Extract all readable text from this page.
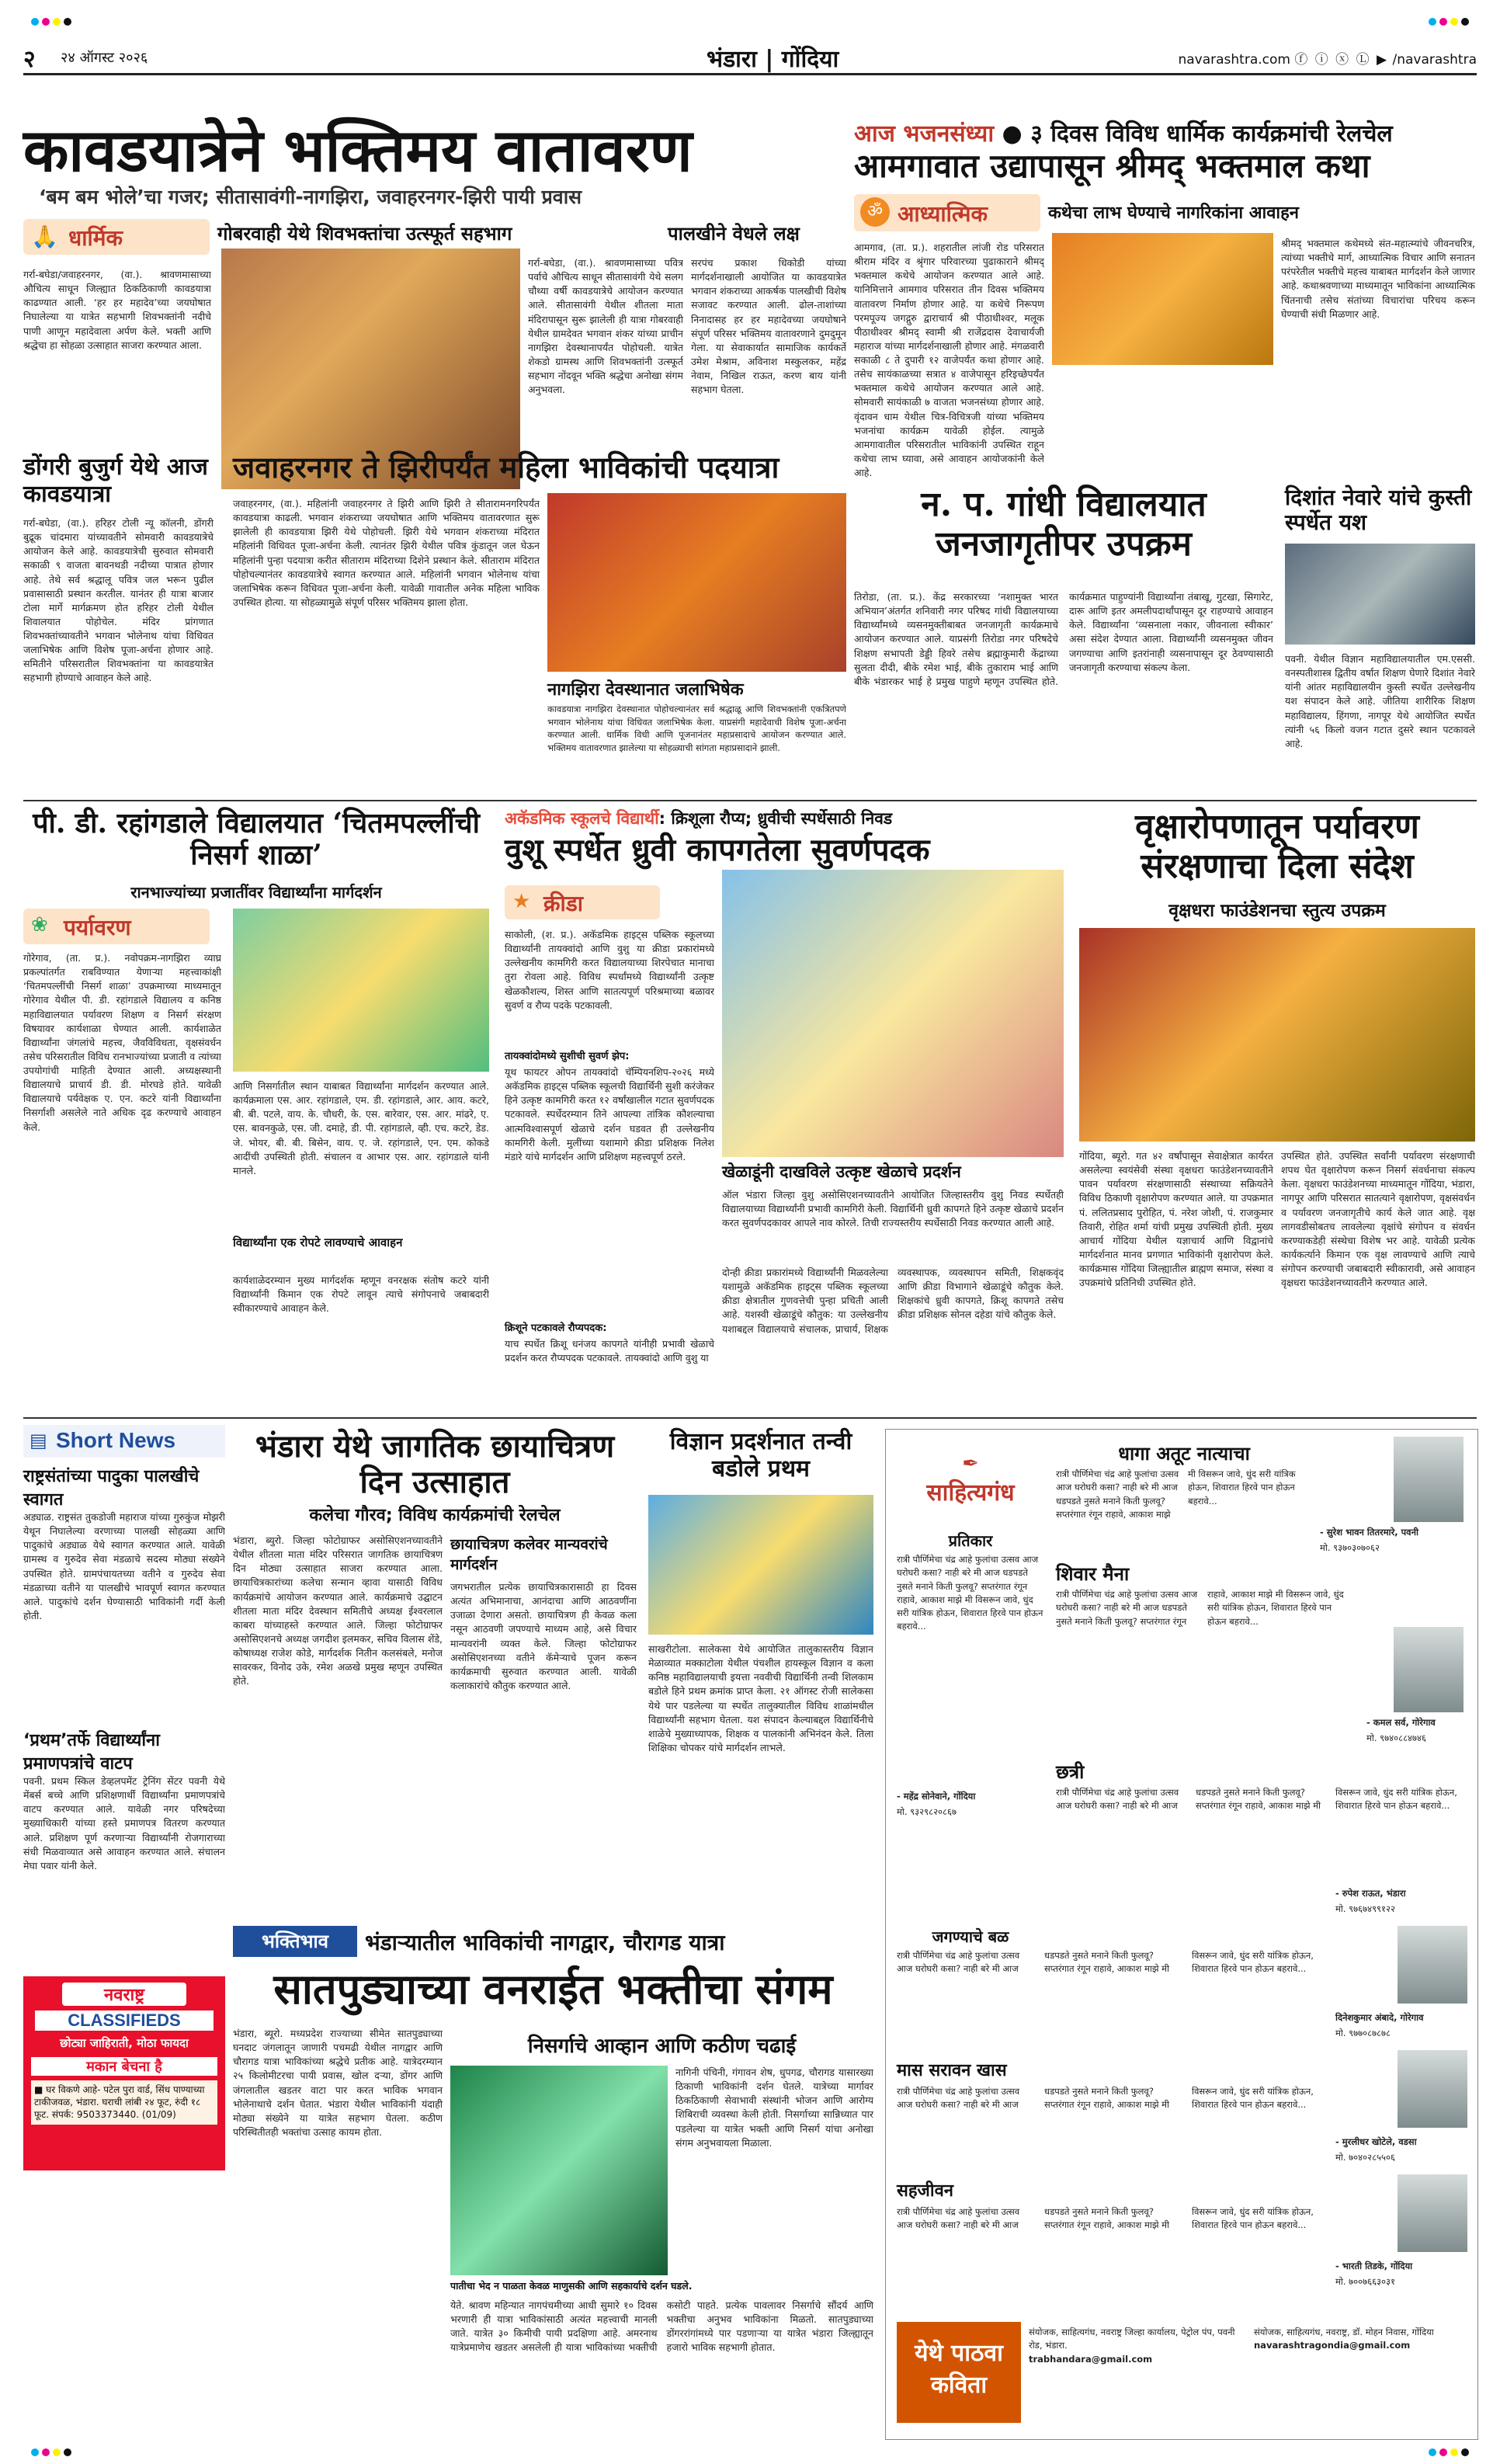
२ २४ ऑगस्ट २०२६	भंडारा | गोंदिया	navarashtra.com ⓕ ⓘ ⓧ Ⓛ ▶ /navarashtra
कावडयात्रेने भक्तिमय वातावरण
‘बम बम भोले’चा गजर; सीतासावंगी-नागझिरा, जवाहरनगर-झिरी पायी प्रवास
🙏 धार्मिक	गोबरवाही येथे शिवभक्तांचा उत्स्फूर्त सहभाग	पालखीने वेधले लक्ष
गर्रा-बघेडा/जवाहरनगर, (वा.). श्रावणमासाच्या औचित्य साधून जिल्ह्यात ठिकठिकाणी कावडयात्रा काढण्यात आली. ‘हर हर महादेव’च्या जयघोषात निघालेल्या या यात्रेत सहभागी शिवभक्तांनी नदीचे पाणी आणून महादेवाला अर्पण केले. भक्ती आणि श्रद्धेचा हा सोहळा उत्साहात साजरा करण्यात आला.
गर्रा-बघेडा, (वा.). श्रावणमासाच्या पवित्र पर्वाचे औचित्य साधून सीतासावंगी येथे सलग चौथ्या वर्षी कावडयात्रेचे आयोजन करण्यात आले. सीतासावंगी येथील शीतला माता मंदिरापासून सुरू झालेली ही यात्रा गोबरवाही येथील ग्रामदेवत भगवान शंकर यांच्या प्राचीन नागझिरा देवस्थानापर्यंत पोहोचली. यात्रेत शेकडो ग्रामस्थ आणि शिवभक्तांनी उत्स्फूर्त सहभाग नोंदवून भक्ति श्रद्धेचा अनोखा संगम अनुभवला.
सरपंच प्रकाश धिकोडी यांच्या मार्गदर्शनाखाली आयोजित या कावडयात्रेत भगवान शंकराच्या आकर्षक पालखीची विशेष सजावट करण्यात आली. ढोल-ताशांच्या निनादासह हर हर महादेवच्या जयघोषाने संपूर्ण परिसर भक्तिमय वातावरणाने दुमदुमून गेला. या सेवाकार्यात सामाजिक कार्यकर्ते उमेश मेश्राम, अविनाश मस्कुलकर, महेंद्र नेवाम, निखिल राऊत, करण बाय यांनी सहभाग घेतला.
डोंगरी बुजुर्ग येथे आज कावडयात्रा
गर्रा-बघेडा, (वा.). हरिहर टोली न्यू कॉलनी, डोंगरी बुद्रूक चांदमारा यांच्यावतीने सोमवारी कावडयात्रेचे आयोजन केले आहे. कावडयात्रेची सुरुवात सोमवारी सकाळी ९ वाजता बावनथडी नदीच्या पात्रात होणार आहे. तेथे सर्व श्रद्धालू पवित्र जल भरून पुढील प्रवासासाठी प्रस्थान करतील. यानंतर ही यात्रा बाजार टोला मार्गे मार्गक्रमण होत हरिहर टोली येथील शिवालयात पोहोचेल. मंदिर प्रांगणात शिवभक्तांच्यावतीने भगवान भोलेनाथ यांचा विधिवत जलाभिषेक आणि विशेष पूजा-अर्चना होणार आहे. समितीने परिसरातील शिवभक्तांना या कावडयात्रेत सहभागी होण्याचे आवाहन केले आहे.
जवाहरनगर ते झिरीपर्यंत महिला भाविकांची पदयात्रा
जवाहरनगर, (वा.). महिलांनी जवाहरनगर ते झिरी आणि झिरी ते सीतारामनगरिपर्यंत कावडयात्रा काढली. भगवान शंकराच्या जयघोषात आणि भक्तिमय वातावरणात सुरू झालेली ही कावडयात्रा झिरी येथे पोहोचली. झिरी येथे भगवान शंकराच्या मंदिरात महिलांनी विधिवत पूजा-अर्चना केली. त्यानंतर झिरी येथील पवित्र कुंडातून जल घेऊन महिलांनी पुन्हा पदयात्रा करीत सीताराम मंदिराच्या दिशेने प्रस्थान केले. सीताराम मंदिरात पोहोचल्यानंतर कावडयात्रेचे स्वागत करण्यात आले. महिलांनी भगवान भोलेनाथ यांचा जलाभिषेक करून विधिवत पूजा-अर्चना केली. यावेळी गावातील अनेक महिला भाविक उपस्थित होत्या. या सोहळ्यामुळे संपूर्ण परिसर भक्तिमय झाला होता.
नागझिरा देवस्थानात जलाभिषेक
कावडयात्रा नागझिरा देवस्थानात पोहोचल्यानंतर सर्व श्रद्धाळू आणि शिवभक्तांनी एकत्रितपणे भगवान भोलेनाथ यांचा विधिवत जलाभिषेक केला. याप्रसंगी महादेवाची विशेष पूजा-अर्चना करण्यात आली. धार्मिक विधी आणि पूजनानंतर महाप्रसादाचे आयोजन करण्यात आले. भक्तिमय वातावरणात झालेल्या या सोहळ्याची सांगता महाप्रसादाने झाली.
आज भजनसंध्या ● ३ दिवस विविध धार्मिक कार्यक्रमांची रेलचेल
आमगावात उद्यापासून श्रीमद् भक्तमाल कथा
ॐ आध्यात्मिक	कथेचा लाभ घेण्याचे नागरिकांना आवाहन
आमगाव, (ता. प्र.). शहरातील लांजी रोड परिसरात श्रीराम मंदिर व श्रृंगार परिवारच्या पुढाकाराने श्रीमद् भक्तमाल कथेचे आयोजन करण्यात आले आहे. यानिमित्ताने आमगाव परिसरात तीन दिवस भक्तिमय वातावरण निर्माण होणार आहे. या कथेचे निरूपण परमपूज्य जगद्गुरु द्वाराचार्य श्री पीठाधीश्वर, मलूक पीठाधीश्वर श्रीमद् स्वामी श्री राजेंद्रदास देवाचार्यजी महाराज यांच्या मार्गदर्शनाखाली होणार आहे. मंगळवारी सकाळी ८ ते दुपारी १२ वाजेपर्यंत कथा होणार आहे. तसेच सायंकाळच्या सत्रात ४ वाजेपासून हरिइच्छेपर्यंत भक्तमाल कथेचे आयोजन करण्यात आले आहे. सोमवारी सायंकाळी ७ वाजता भजनसंध्या होणार आहे. वृंदावन धाम येथील चित्र-विचित्रजी यांच्या भक्तिमय भजनांचा कार्यक्रम यावेळी होईल. त्यामुळे आमगावातील परिसरातील भाविकांनी उपस्थित राहून कथेचा लाभ घ्यावा, असे आवाहन आयोजकांनी केले आहे.
श्रीमद् भक्तमाल कथेमध्ये संत-महात्म्यांचे जीवनचरित्र, त्यांच्या भक्तीचे मार्ग, आध्यात्मिक विचार आणि सनातन परंपरेतील भक्तीचे महत्त्व याबाबत मार्गदर्शन केले जाणार आहे. कथाश्रवणाच्या माध्यमातून भाविकांना आध्यात्मिक चिंतनाची तसेच संतांच्या विचारांचा परिचय करून घेण्याची संधी मिळणार आहे.
न. प. गांधी विद्यालयात जनजागृतीपर उपक्रम
तिरोडा, (ता. प्र.). केंद्र सरकारच्या ‘नशामुक्त भारत अभियान’अंतर्गत शनिवारी नगर परिषद गांधी विद्यालयाच्या विद्यार्थ्यांमध्ये व्यसनमुक्तीबाबत जनजागृती कार्यक्रमाचे आयोजन करण्यात आले. याप्रसंगी तिरोडा नगर परिषदेचे शिक्षण सभापती डेड्डी हिवरे तसेच ब्रह्माकुमारी केंद्राच्या सुलता दीदी, बीके रमेश भाई, बीके तुकाराम भाई आणि बीके भंडारकर भाई हे प्रमुख पाहुणे म्हणून उपस्थित होते. कार्यक्रमात पाहुण्यांनी विद्यार्थ्यांना तंबाखू, गुटखा, सिगारेट, दारू आणि इतर अमलीपदार्थांपासून दूर राहण्याचे आवाहन केले. विद्यार्थ्यांना ‘व्यसनाला नकार, जीवनाला स्वीकार’ असा संदेश देण्यात आला. विद्यार्थ्यांनी व्यसनमुक्त जीवन जगण्याचा आणि इतरांनाही व्यसनापासून दूर ठेवण्यासाठी जनजागृती करण्याचा संकल्प केला.
दिशांत नेवारे यांचे कुस्ती स्पर्धेत यश
पवनी. येथील विज्ञान महाविद्यालयातील एम.एससी. वनस्पतीशास्त्र द्वितीय वर्षात शिक्षण घेणारे दिशांत नेवारे यांनी आंतर महाविद्यालयीन कुस्ती स्पर्धेत उल्लेखनीय यश संपादन केले आहे. जीतिया शारीरिक शिक्षण महाविद्यालय, हिंगणा, नागपूर येथे आयोजित स्पर्धेत त्यांनी ५६ किलो वजन गटात दुसरे स्थान पटकावले आहे.
पी. डी. रहांगडाले विद्यालयात ‘चितमपल्लींची निसर्ग शाळा’
रानभाज्यांच्या प्रजातींवर विद्यार्थ्यांना मार्गदर्शन
❀ पर्यावरण
गोरेगाव, (ता. प्र.). नवोपक्रम-नागझिरा व्याघ्र प्रकल्पांतर्गत राबविण्यात येणाऱ्या महत्त्वाकांक्षी ‘चितमपल्लींची निसर्ग शाळा’ उपक्रमाच्या माध्यमातून गोरेगाव येथील पी. डी. रहांगडाले विद्यालय व कनिष्ठ महाविद्यालयात पर्यावरण शिक्षण व निसर्ग संरक्षण विषयावर कार्यशाळा घेण्यात आली. कार्यशाळेत विद्यार्थ्यांना जंगलांचे महत्त्व, जैवविविधता, वृक्षसंवर्धन तसेच परिसरातील विविध रानभाज्यांच्या प्रजाती व त्यांच्या उपयोगांची माहिती देण्यात आली. अध्यक्षस्थानी विद्यालयाचे प्राचार्य डी. डी. मोरघडे होते. यावेळी विद्यालयाचे पर्यवेक्षक ए. एन. कटरे यांनी विद्यार्थ्यांना निसर्गाशी असलेले नाते अधिक दृढ करण्याचे आवाहन केले.
आणि निसर्गातील स्थान याबाबत विद्यार्थ्यांना मार्गदर्शन करण्यात आले. कार्यक्रमाला एस. आर. रहांगडाले, एम. डी. रहांगडाले, आर. आय. कटरे, बी. बी. पटले, वाय. के. चौधरी, के. एस. बारेवार, एस. आर. मांढरे, ए. एस. बावनकुळे, एस. जी. दमाहे, डी. पी. रहांगडाले, व्ही. एच. कटरे, डेड. जे. भोयर, बी. बी. बिसेन, वाय. ए. जे. रहांगडाले, एन. एम. कोकडे आदींची उपस्थिती होती. संचालन व आभार एस. आर. रहांगडाले यांनी मानले.
विद्यार्थ्यांना एक रोपटे लावण्याचे आवाहन
कार्यशाळेदरम्यान मुख्य मार्गदर्शक म्हणून वनरक्षक संतोष कटरे यांनी विद्यार्थ्यांनी किमान एक रोपटे लावून त्याचे संगोपनाचे जबाबदारी स्वीकारण्याचे आवाहन केले.
अकॅडमिक स्कूलचे विद्यार्थी: क्रिशूला रौप्य; ध्रुवीची स्पर्धेसाठी निवड
वुशू स्पर्धेत ध्रुवी कापगतेला सुवर्णपदक
★ क्रीडा
साकोली, (श. प्र.). अकॅडमिक हाइट्स पब्लिक स्कूलच्या विद्यार्थ्यांनी तायक्वांदो आणि वुशु या क्रीडा प्रकारांमध्ये उल्लेखनीय कामगिरी करत विद्यालयाच्या शिरपेचात मानाचा तुरा रोवला आहे. विविध स्पर्धांमध्ये विद्यार्थ्यांनी उत्कृष्ट खेळकौशल्य, शिस्त आणि सातत्यपूर्ण परिश्रमाच्या बळावर सुवर्ण व रौप्य पदके पटकावली.
तायक्वांदोमध्ये सुशीची सुवर्ण झेप:
यूथ फायटर ओपन तायक्वांदो चॅम्पियनशिप-२०२६ मध्ये अकॅडमिक हाइट्स पब्लिक स्कूलची विद्यार्थिनी सुशी करंजेकर हिने उत्कृष्ट कामगिरी करत १२ वर्षांखालील गटात सुवर्णपदक पटकावले. स्पर्धेदरम्यान तिने आपल्या तांत्रिक कौशल्याचा आत्मविश्वासपूर्ण खेळाचे दर्शन घडवत ही उल्लेखनीय कामगिरी केली. मुलींच्या यशामागे क्रीडा प्रशिक्षक निलेश मंडारे यांचे मार्गदर्शन आणि प्रशिक्षण महत्त्वपूर्ण ठरले.
क्रिशूने पटकावले रौप्यपदक:
याच स्पर्धेत क्रिशू धनंजय कापगते यांनीही प्रभावी खेळाचे प्रदर्शन करत रौप्यपदक पटकावले. तायक्वांदो आणि वुशु या
खेळाडूंनी दाखविले उत्कृष्ट खेळाचे प्रदर्शन
ऑल भंडारा जिल्हा वुशु असोसिएशनच्यावतीने आयोजित जिल्हास्तरीय वुशु निवड स्पर्धेतही विद्यालयाच्या विद्यार्थ्यांनी प्रभावी कामगिरी केली. विद्यार्थिनी ध्रुवी कापगते हिने उत्कृष्ट खेळाचे प्रदर्शन करत सुवर्णपदकावर आपले नाव कोरले. तिची राज्यस्तरीय स्पर्धेसाठी निवड करण्यात आली आहे.
दोन्ही क्रीडा प्रकारांमध्ये विद्यार्थ्यांनी मिळवलेल्या यशामुळे अकॅडमिक हाइट्स पब्लिक स्कूलच्या क्रीडा क्षेत्रातील गुणवत्तेची पुन्हा प्रचिती आली आहे. यशस्वी खेळाडूंचे कौतुक: या उल्लेखनीय यशाबद्दल विद्यालयाचे संचालक, प्राचार्य, शिक्षक व्यवस्थापक, व्यवस्थापन समिती, शिक्षकवृंद आणि क्रीडा विभागाने खेळाडूंचे कौतुक केले. शिक्षकांचे ध्रुवी कापगते, क्रिशू कापगते तसेच क्रीडा प्रशिक्षक सोनल दहेडा यांचे कौतुक केले.
वृक्षारोपणातून पर्यावरण संरक्षणाचा दिला संदेश
वृक्षधरा फाउंडेशनचा स्तुत्य उपक्रम
गोंदिया, ब्यूरो. गत ४२ वर्षांपासून सेवाक्षेत्रात कार्यरत असलेल्या स्वयंसेवी संस्था वृक्षधरा फाउंडेशनच्यावतीने पावन पर्यावरण संरक्षणासाठी संस्थाच्या सक्रियतेने विविध ठिकाणी वृक्षारोपण करण्यात आले. या उपक्रमात पं. ललितप्रसाद पुरोहित, पं. नरेश जोशी, पं. राजकुमार तिवारी, रोहित शर्मा यांची प्रमुख उपस्थिती होती. मुख्य आचार्य गोंदिया येथील यज्ञाचार्य आणि विद्वानांचे मार्गदर्शनात मानव प्रगणात भाविकांनी वृक्षारोपण केले. कार्यक्रमास गोंदिया जिल्ह्यातील ब्राह्मण समाज, संस्था व उपक्रमांचे प्रतिनिधी उपस्थित होते.
उपस्थित होते. उपस्थित सर्वांनी पर्यावरण संरक्षणाची शपथ घेत वृक्षारोपण करून निसर्ग संवर्धनाचा संकल्प केला. वृक्षधरा फाउंडेशनच्या माध्यमातून गोंदिया, भंडारा, नागपूर आणि परिसरात सातत्याने वृक्षारोपण, वृक्षसंवर्धन व पर्यावरण जनजागृतीचे कार्य केले जात आहे. वृक्ष लागवडीसोबतच लावलेल्या वृक्षांचे संगोपन व संवर्धन करण्याकडेही संस्थेचा विशेष भर आहे. यावेळी प्रत्येक कार्यकर्त्याने किमान एक वृक्ष लावण्याचे आणि त्याचे संगोपन करण्याची जबाबदारी स्वीकारावी, असे आवाहन वृक्षधरा फाउंडेशनच्यावतीने करण्यात आले.
▤ Short News
राष्ट्रसंतांच्या पादुका पालखीचे स्वागत
अड्याळ. राष्ट्रसंत तुकडोजी महाराज यांच्या गुरुकुंज मोझरी येथून निघालेल्या वरणाच्या पालखी सोहळ्या आणि पादुकांचे अड्याळ येथे स्वागत करण्यात आले. यावेळी ग्रामस्थ व गुरुदेव सेवा मंडळाचे सदस्य मोठ्या संख्येने उपस्थित होते. ग्रामपंचायतच्या वतीने व गुरुदेव सेवा मंडळाच्या वतीने या पालखीचे भावपूर्ण स्वागत करण्यात आले. पादुकांचे दर्शन घेण्यासाठी भाविकांनी गर्दी केली होती.
‘प्रथम’तर्फे विद्यार्थ्यांना प्रमाणपत्रांचे वाटप
पवनी. प्रथम स्किल डेव्हलपमेंट ट्रेनिंग सेंटर पवनी येथे मेंबर्स बच्चे आणि प्रशिक्षणार्थी विद्यार्थ्यांना प्रमाणपत्रांचे वाटप करण्यात आले. यावेळी नगर परिषदेच्या मुख्याधिकारी यांच्या हस्ते प्रमाणपत्र वितरण करण्यात आले. प्रशिक्षण पूर्ण करणाऱ्या विद्यार्थ्यांनी रोजगाराच्या संधी मिळवाव्यात असे आवाहन करण्यात आले. संचालन मेघा पवार यांनी केले.
नवराष्ट्र
CLASSIFIEDS
छोट्या जाहिराती, मोठा फायदा
मकान बेचना है
■ घर विकणे आहे- पटेल पुरा वार्ड, सिंध पाण्याच्या टाकीजवळ, भंडारा. घराची लांबी २४ फूट, रुंदी १८ फूट. संपर्क: 9503373440. (01/09)
भंडारा येथे जागतिक छायाचित्रण दिन उत्साहात
कलेचा गौरव; विविध कार्यक्रमांची रेलचेल
भंडारा, ब्युरो. जिल्हा फोटोग्राफर असोसिएशनच्यावतीने येथील शीतला माता मंदिर परिसरात जागतिक छायाचित्रण दिन मोठ्या उत्साहात साजरा करण्यात आला. छायाचित्रकारांच्या कलेचा सन्मान व्हावा यासाठी विविध कार्यक्रमांचे आयोजन करण्यात आले. कार्यक्रमाचे उद्घाटन शीतला माता मंदिर देवस्थान समितीचे अध्यक्ष ईश्वरलाल काबरा यांच्याहस्ते करण्यात आले. जिल्हा फोटोग्राफर असोसिएशनचे अध्यक्ष जगदीश इलमकर, सचिव विलास शेंडे, कोषाध्यक्ष राजेश कोडे, मार्गदर्शक नितीन कलसंबले, मनोज सावरकर, विनोद उके, रमेश अळखे प्रमुख म्हणून उपस्थित होते.
छायाचित्रण कलेवर मान्यवरांचे मार्गदर्शन
जगभरातील प्रत्येक छायाचित्रकारासाठी हा दिवस अत्यंत अभिमानाचा, आनंदाचा आणि आठवणींना उजाळा देणारा असतो. छायाचित्रण ही केवळ कला नसून आठवणी जपण्याचे माध्यम आहे, असे विचार मान्यवरांनी व्यक्त केले. जिल्हा फोटोग्राफर असोसिएशनच्या वतीने कॅमेऱ्याचे पूजन करून कार्यक्रमाची सुरुवात करण्यात आली. यावेळी कलाकारांचे कौतुक करण्यात आले.
विज्ञान प्रदर्शनात तन्वी बडोले प्रथम
साखरीटोला. सालेकसा येथे आयोजित तालुकास्तरीय विज्ञान मेळाव्यात मक्काटोला येथील पंचशील हायस्कूल विज्ञान व कला कनिष्ठ महाविद्यालयाची इयत्ता नववीची विद्यार्थिनी तन्वी शिलकाम बडोले हिने प्रथम क्रमांक प्राप्त केला. २१ ऑगस्ट रोजी सालेकसा येथे पार पडलेल्या या स्पर्धेत तालुक्यातील विविध शाळांमधील विद्यार्थ्यांनी सहभाग घेतला. यश संपादन केल्याबद्दल विद्यार्थिनीचे शाळेचे मुख्याध्यापक, शिक्षक व पालकांनी अभिनंदन केले. तिला शिक्षिका चोपकर यांचे मार्गदर्शन लाभले.
भक्तिभाव	भंडाऱ्यातील भाविकांची नागद्वार, चौरागड यात्रा
सातपुड्याच्या वनराईत भक्तीचा संगम
भंडारा, ब्यूरो. मध्यप्रदेश राज्याच्या सीमेत सातपुड्याच्या घनदाट जंगलातून जाणारी पचमढी येथील नागद्वार आणि चौरागड यात्रा भाविकांच्या श्रद्धेचे प्रतीक आहे. यात्रेदरम्यान २५ किलोमीटरचा पायी प्रवास, खोल दऱ्या, डोंगर आणि जंगलातील खडतर वाटा पार करत भाविक भगवान भोलेनाथाचे दर्शन घेतात. भंडारा येथील भाविकांनी यंदाही मोठ्या संख्येने या यात्रेत सहभाग घेतला. कठीण परिस्थितीतही भक्तांचा उत्साह कायम होता.
निसर्गाचे आव्हान आणि कठीण चढाई
नागिनी पंचिनी, गंगावन शेष, धुपगढ, चौरागड यासारख्या ठिकाणी भाविकांनी दर्शन घेतले. यात्रेच्या मार्गावर ठिकठिकाणी सेवाभावी संस्थांनी भोजन आणि आरोग्य शिबिराची व्यवस्था केली होती. निसर्गाच्या सान्निध्यात पार पडलेल्या या यात्रेत भक्ती आणि निसर्ग यांचा अनोखा संगम अनुभवायला मिळाला.
पातीचा भेद न पाळता केवळ माणुसकी आणि सहकार्याचे दर्शन घडले.
येते. श्रावण महिन्यात नागपंचमीच्या आधी सुमारे १० दिवस भरणारी ही यात्रा भाविकांसाठी अत्यंत महत्त्वाची मानली जाते. यात्रेत ३० किमीची पायी प्रदक्षिणा आहे. अमरनाथ यात्रेप्रमाणेच खडतर असलेली ही यात्रा भाविकांच्या भक्तीची कसोटी पाहते. प्रत्येक पावलावर निसर्गाचे सौंदर्य आणि भक्तीचा अनुभव भाविकांना मिळतो. सातपुड्याच्या डोंगररांगांमध्ये पार पडणाऱ्या या यात्रेत भंडारा जिल्ह्यातून हजारो भाविक सहभागी होतात.
✒
साहित्यगंध
प्रतिकार
रात्री पौर्णिमेचा चंद्र आहे फुलांचा उत्सव आज घरोघरी कसा? नाही बरे मी आज धडपडते नुसते मनाने किती फुलवू? सप्तरंगात रंगून राहावे, आकाश माझे मी विसरून जावे, धुंद सरी यांत्रिक होऊन, शिवारात हिरवे पान होऊन बहरावे...
- महेंद्र सोनेवाने, गोंदिया
मो. ९३२९८२०८६७
धागा अतूट नात्याचा
रात्री पौर्णिमेचा चंद्र आहे फुलांचा उत्सव आज घरोघरी कसा? नाही बरे मी आज धडपडते नुसते मनाने किती फुलवू? सप्तरंगात रंगून राहावे, आकाश माझे मी विसरून जावे, धुंद सरी यांत्रिक होऊन, शिवारात हिरवे पान होऊन बहरावे...
- सुरेश भावन तितरमारे, पवनी
मो. ९३७०३०७०६२
शिवार मैना
रात्री पौर्णिमेचा चंद्र आहे फुलांचा उत्सव आज घरोघरी कसा? नाही बरे मी आज धडपडते नुसते मनाने किती फुलवू? सप्तरंगात रंगून राहावे, आकाश माझे मी विसरून जावे, धुंद सरी यांत्रिक होऊन, शिवारात हिरवे पान होऊन बहरावे...
- कमल सर्व, गोरेगाव
मो. ९७४०८८४७४६
छत्री
रात्री पौर्णिमेचा चंद्र आहे फुलांचा उत्सव आज घरोघरी कसा? नाही बरे मी आज धडपडते नुसते मनाने किती फुलवू? सप्तरंगात रंगून राहावे, आकाश माझे मी विसरून जावे, धुंद सरी यांत्रिक होऊन, शिवारात हिरवे पान होऊन बहरावे...
- रुपेश राऊत, भंडारा
मो. ९७६७४९९१२२
जगण्याचे बळ
रात्री पौर्णिमेचा चंद्र आहे फुलांचा उत्सव आज घरोघरी कसा? नाही बरे मी आज धडपडते नुसते मनाने किती फुलवू? सप्तरंगात रंगून राहावे, आकाश माझे मी विसरून जावे, धुंद सरी यांत्रिक होऊन, शिवारात हिरवे पान होऊन बहरावे...
दिनेशकुमार अंबादे, गोरेगाव
मो. ९७७०८७८७८
मास सरावन खास
रात्री पौर्णिमेचा चंद्र आहे फुलांचा उत्सव आज घरोघरी कसा? नाही बरे मी आज धडपडते नुसते मनाने किती फुलवू? सप्तरंगात रंगून राहावे, आकाश माझे मी विसरून जावे, धुंद सरी यांत्रिक होऊन, शिवारात हिरवे पान होऊन बहरावे...
- मुरलीधर खोटेले, वडसा
मो. ७०४०२८५५०६
सहजीवन
रात्री पौर्णिमेचा चंद्र आहे फुलांचा उत्सव आज घरोघरी कसा? नाही बरे मी आज धडपडते नुसते मनाने किती फुलवू? सप्तरंगात रंगून राहावे, आकाश माझे मी विसरून जावे, धुंद सरी यांत्रिक होऊन, शिवारात हिरवे पान होऊन बहरावे...
- भारती तिडके, गोंदिया
मो. ७००७६६३०३१
येथे पाठवा कविता
संयोजक, साहित्यगंध, नवराष्ट्र जिल्हा कार्यालय, पेट्रोल पंप, पवनी रोड, भंडारा.
trabhandara@gmail.com
संयोजक, साहित्यगंध, नवराष्ट्र, डॉ. मोहन निवास, गोंदिया
navarashtragondia@gmail.com
